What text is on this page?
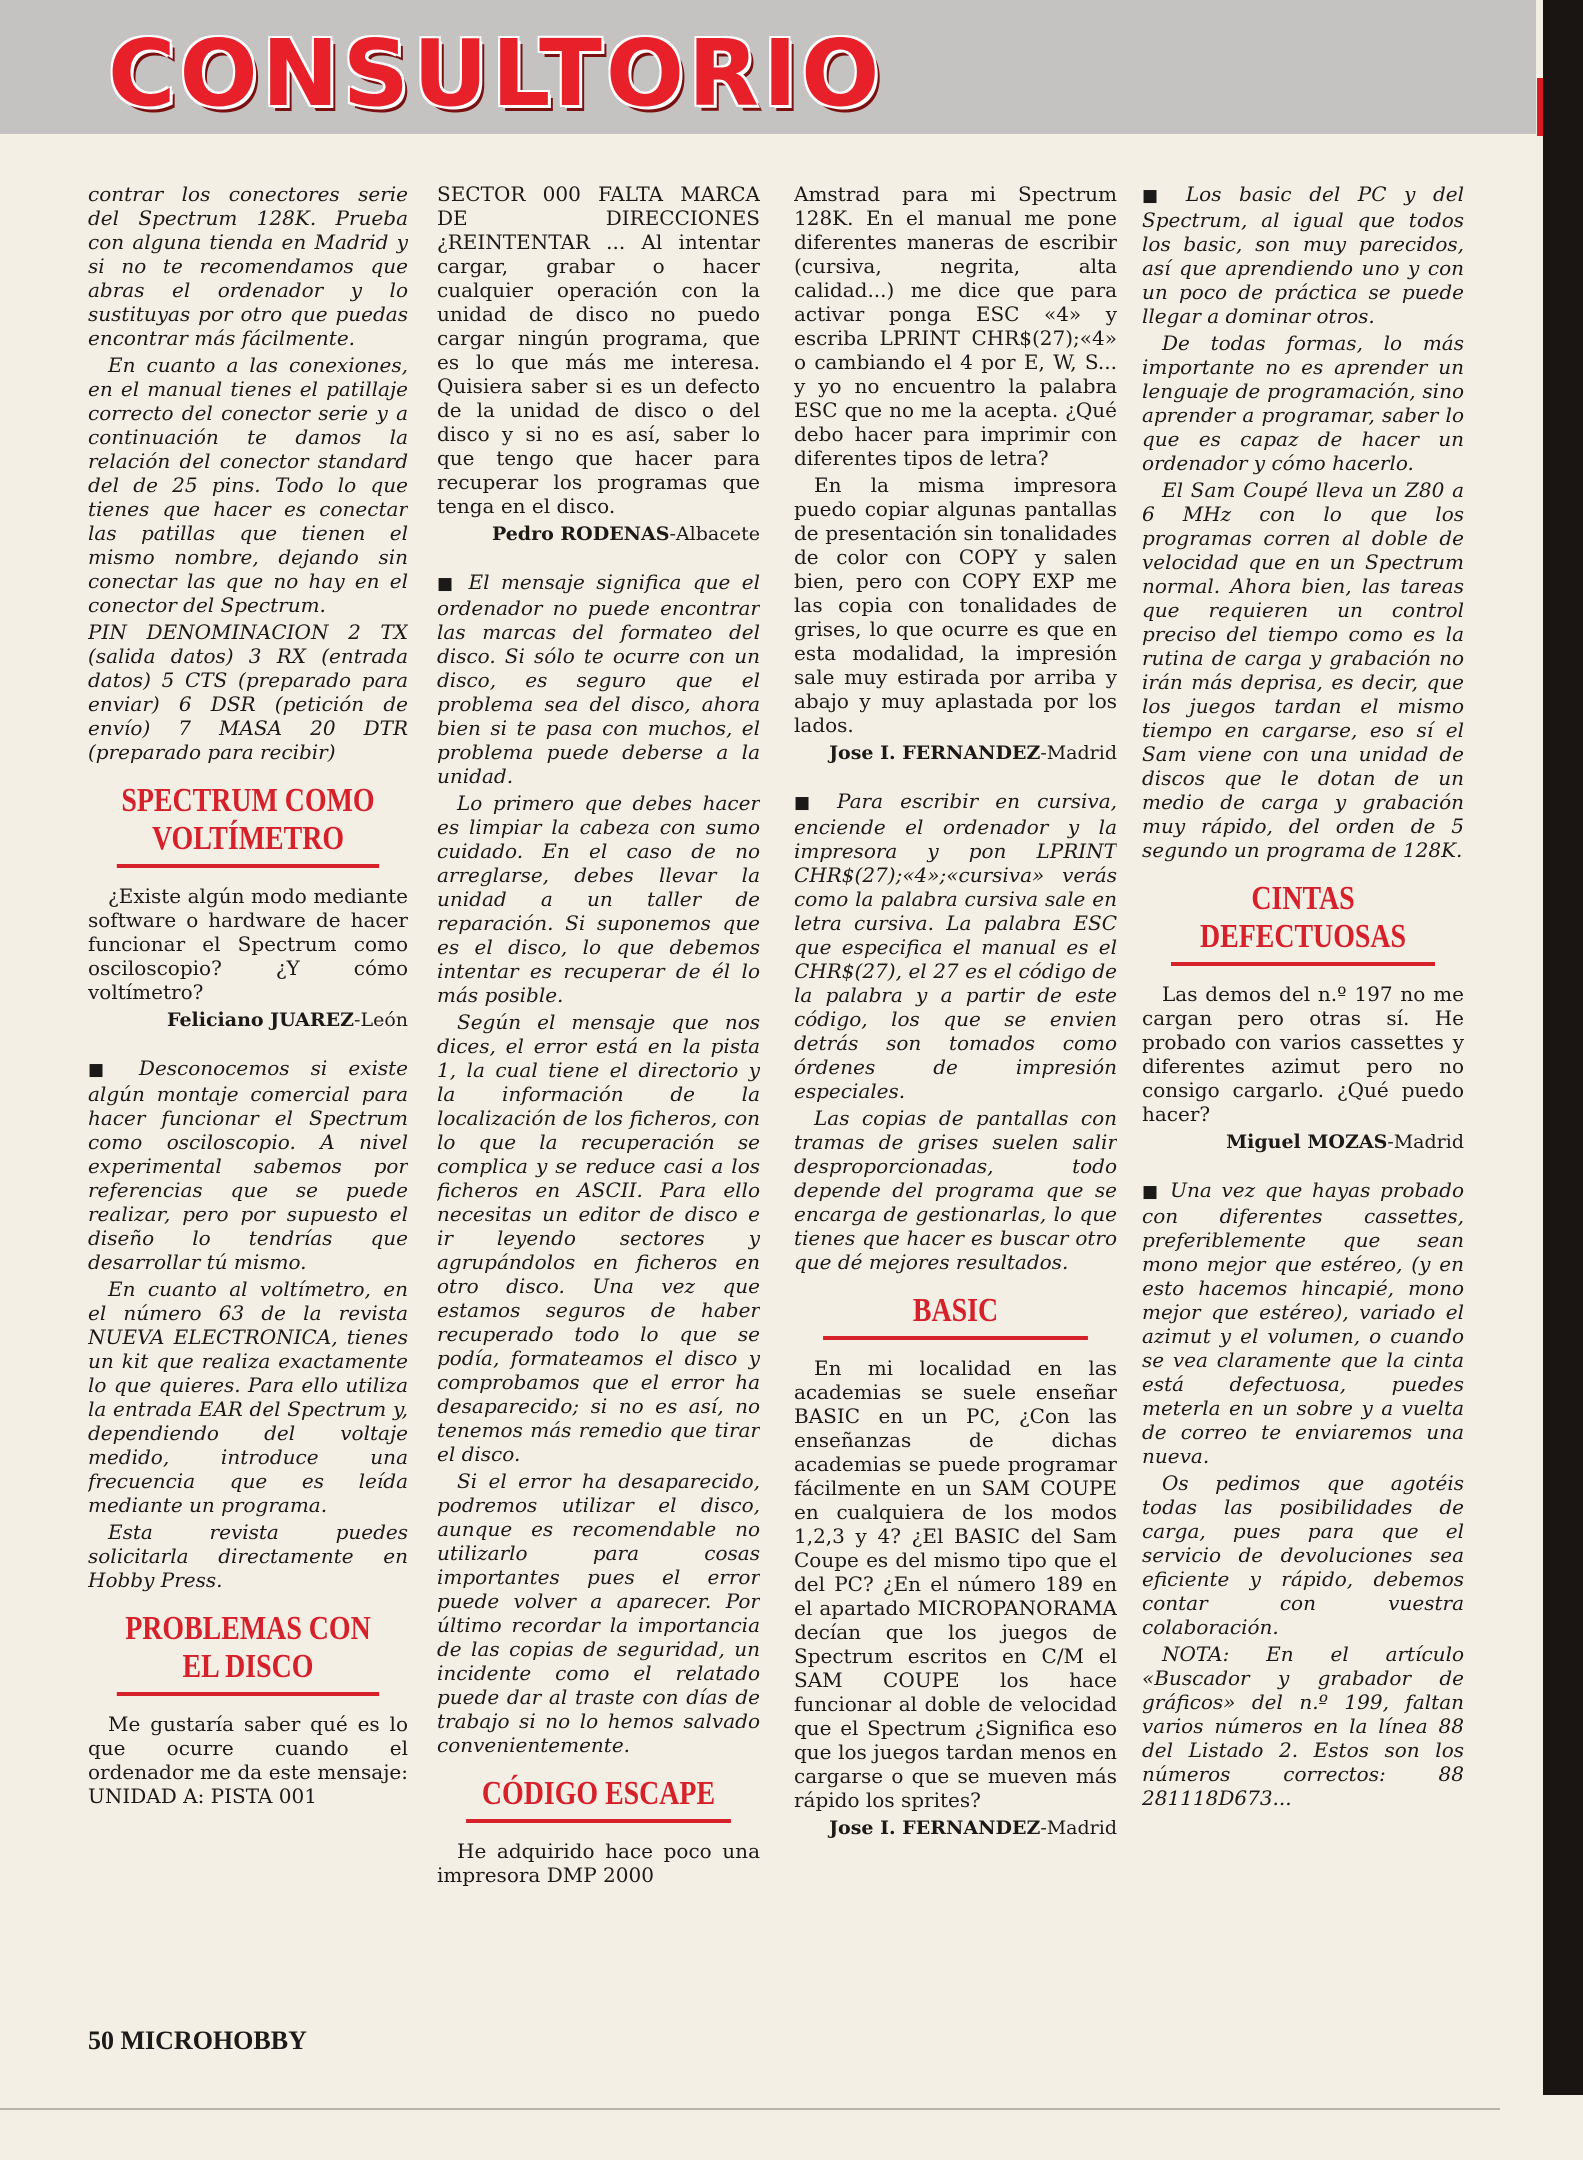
CONSULTORIO

contrar los conectores serie del Spectrum 128K. Prueba con alguna tienda en Madrid y si no te recomendamos que abras el ordenador y lo sustituyas por otro que puedas encontrar más fácilmente.

En cuanto a las conexiones, en el manual tienes el patillaje correcto del conector serie y a continuación te damos la relación del conector standard del de 25 pins. Todo lo que tienes que hacer es conectar las patillas que tienen el mismo nombre, dejando sin conectar las que no hay en el conector del Spectrum.

PIN DENOMINACION 2 TX (salida datos) 3 RX (entrada datos) 5 CTS (preparado para enviar) 6 DSR (petición de envío) 7 MASA 20 DTR (preparado para recibir)

SPECTRUM COMO VOLTÍMETRO

¿Existe algún modo mediante software o hardware de hacer funcionar el Spectrum como osciloscopio? ¿Y cómo voltímetro?

Feliciano JUAREZ-León

■ Desconocemos si existe algún montaje comercial para hacer funcionar el Spectrum como osciloscopio. A nivel experimental sabemos por referencias que se puede realizar, pero por supuesto el diseño lo tendrías que desarrollar tú mismo.

En cuanto al voltímetro, en el número 63 de la revista NUEVA ELECTRONICA, tienes un kit que realiza exactamente lo que quieres. Para ello utiliza la entrada EAR del Spectrum y, dependiendo del voltaje medido, introduce una frecuencia que es leída mediante un programa.

Esta revista puedes solicitarla directamente en Hobby Press.

PROBLEMAS CON EL DISCO

Me gustaría saber qué es lo que ocurre cuando el ordenador me da este mensaje: UNIDAD A: PISTA 001

SECTOR 000 FALTA MARCA DE DIRECCIONES ¿REINTENTAR ... Al intentar cargar, grabar o hacer cualquier operación con la unidad de disco no puedo cargar ningún programa, que es lo que más me interesa. Quisiera saber si es un defecto de la unidad de disco o del disco y si no es así, saber lo que tengo que hacer para recuperar los programas que tenga en el disco.

Pedro RODENAS-Albacete

■ El mensaje significa que el ordenador no puede encontrar las marcas del formateo del disco. Si sólo te ocurre con un disco, es seguro que el problema sea del disco, ahora bien si te pasa con muchos, el problema puede deberse a la unidad.

Lo primero que debes hacer es limpiar la cabeza con sumo cuidado. En el caso de no arreglarse, debes llevar la unidad a un taller de reparación. Si suponemos que es el disco, lo que debemos intentar es recuperar de él lo más posible.

Según el mensaje que nos dices, el error está en la pista 1, la cual tiene el directorio y la información de la localización de los ficheros, con lo que la recuperación se complica y se reduce casi a los ficheros en ASCII. Para ello necesitas un editor de disco e ir leyendo sectores y agrupándolos en ficheros en otro disco. Una vez que estamos seguros de haber recuperado todo lo que se podía, formateamos el disco y comprobamos que el error ha desaparecido; si no es así, no tenemos más remedio que tirar el disco.

Si el error ha desaparecido, podremos utilizar el disco, aunque es recomendable no utilizarlo para cosas importantes pues el error puede volver a aparecer. Por último recordar la importancia de las copias de seguridad, un incidente como el relatado puede dar al traste con días de trabajo si no lo hemos salvado convenientemente.

CÓDIGO ESCAPE

He adquirido hace poco una impresora DMP 2000

Amstrad para mi Spectrum 128K. En el manual me pone diferentes maneras de escribir (cursiva, negrita, alta calidad...) me dice que para activar ponga ESC «4» y escriba LPRINT CHR$(27);«4» o cambiando el 4 por E, W, S... y yo no encuentro la palabra ESC que no me la acepta. ¿Qué debo hacer para imprimir con diferentes tipos de letra?

En la misma impresora puedo copiar algunas pantallas de presentación sin tonalidades de color con COPY y salen bien, pero con COPY EXP me las copia con tonalidades de grises, lo que ocurre es que en esta modalidad, la impresión sale muy estirada por arriba y abajo y muy aplastada por los lados.

Jose I. FERNANDEZ-Madrid

■ Para escribir en cursiva, enciende el ordenador y la impresora y pon LPRINT CHR$(27);«4»;«cursiva» verás como la palabra cursiva sale en letra cursiva. La palabra ESC que especifica el manual es el CHR$(27), el 27 es el código de la palabra y a partir de este código, los que se envien detrás son tomados como órdenes de impresión especiales.

Las copias de pantallas con tramas de grises suelen salir desproporcionadas, todo depende del programa que se encarga de gestionarlas, lo que tienes que hacer es buscar otro que dé mejores resultados.

BASIC

En mi localidad en las academias se suele enseñar BASIC en un PC, ¿Con las enseñanzas de dichas academias se puede programar fácilmente en un SAM COUPE en cualquiera de los modos 1,2,3 y 4? ¿El BASIC del Sam Coupe es del mismo tipo que el del PC? ¿En el número 189 en el apartado MICROPANORAMA decían que los juegos de Spectrum escritos en C/M el SAM COUPE los hace funcionar al doble de velocidad que el Spectrum ¿Significa eso que los juegos tardan menos en cargarse o que se mueven más rápido los sprites?

Jose I. FERNANDEZ-Madrid

■ Los basic del PC y del Spectrum, al igual que todos los basic, son muy parecidos, así que aprendiendo uno y con un poco de práctica se puede llegar a dominar otros.

De todas formas, lo más importante no es aprender un lenguaje de programación, sino aprender a programar, saber lo que es capaz de hacer un ordenador y cómo hacerlo.

El Sam Coupé lleva un Z80 a 6 MHz con lo que los programas corren al doble de velocidad que en un Spectrum normal. Ahora bien, las tareas que requieren un control preciso del tiempo como es la rutina de carga y grabación no irán más deprisa, es decir, que los juegos tardan el mismo tiempo en cargarse, eso sí el Sam viene con una unidad de discos que le dotan de un medio de carga y grabación muy rápido, del orden de 5 segundo un programa de 128K.

CINTAS DEFECTUOSAS

Las demos del n.º 197 no me cargan pero otras sí. He probado con varios cassettes y diferentes azimut pero no consigo cargarlo. ¿Qué puedo hacer?

Miguel MOZAS-Madrid

■ Una vez que hayas probado con diferentes cassettes, preferiblemente que sean mono mejor que estéreo, (y en esto hacemos hincapié, mono mejor que estéreo), variado el azimut y el volumen, o cuando se vea claramente que la cinta está defectuosa, puedes meterla en un sobre y a vuelta de correo te enviaremos una nueva.

Os pedimos que agotéis todas las posibilidades de carga, pues para que el servicio de devoluciones sea eficiente y rápido, debemos contar con vuestra colaboración.

NOTA: En el artículo «Buscador y grabador de gráficos» del n.º 199, faltan varios números en la línea 88 del Listado 2. Estos son los números correctos: 88 281118D673...

50 MICROHOBBY
